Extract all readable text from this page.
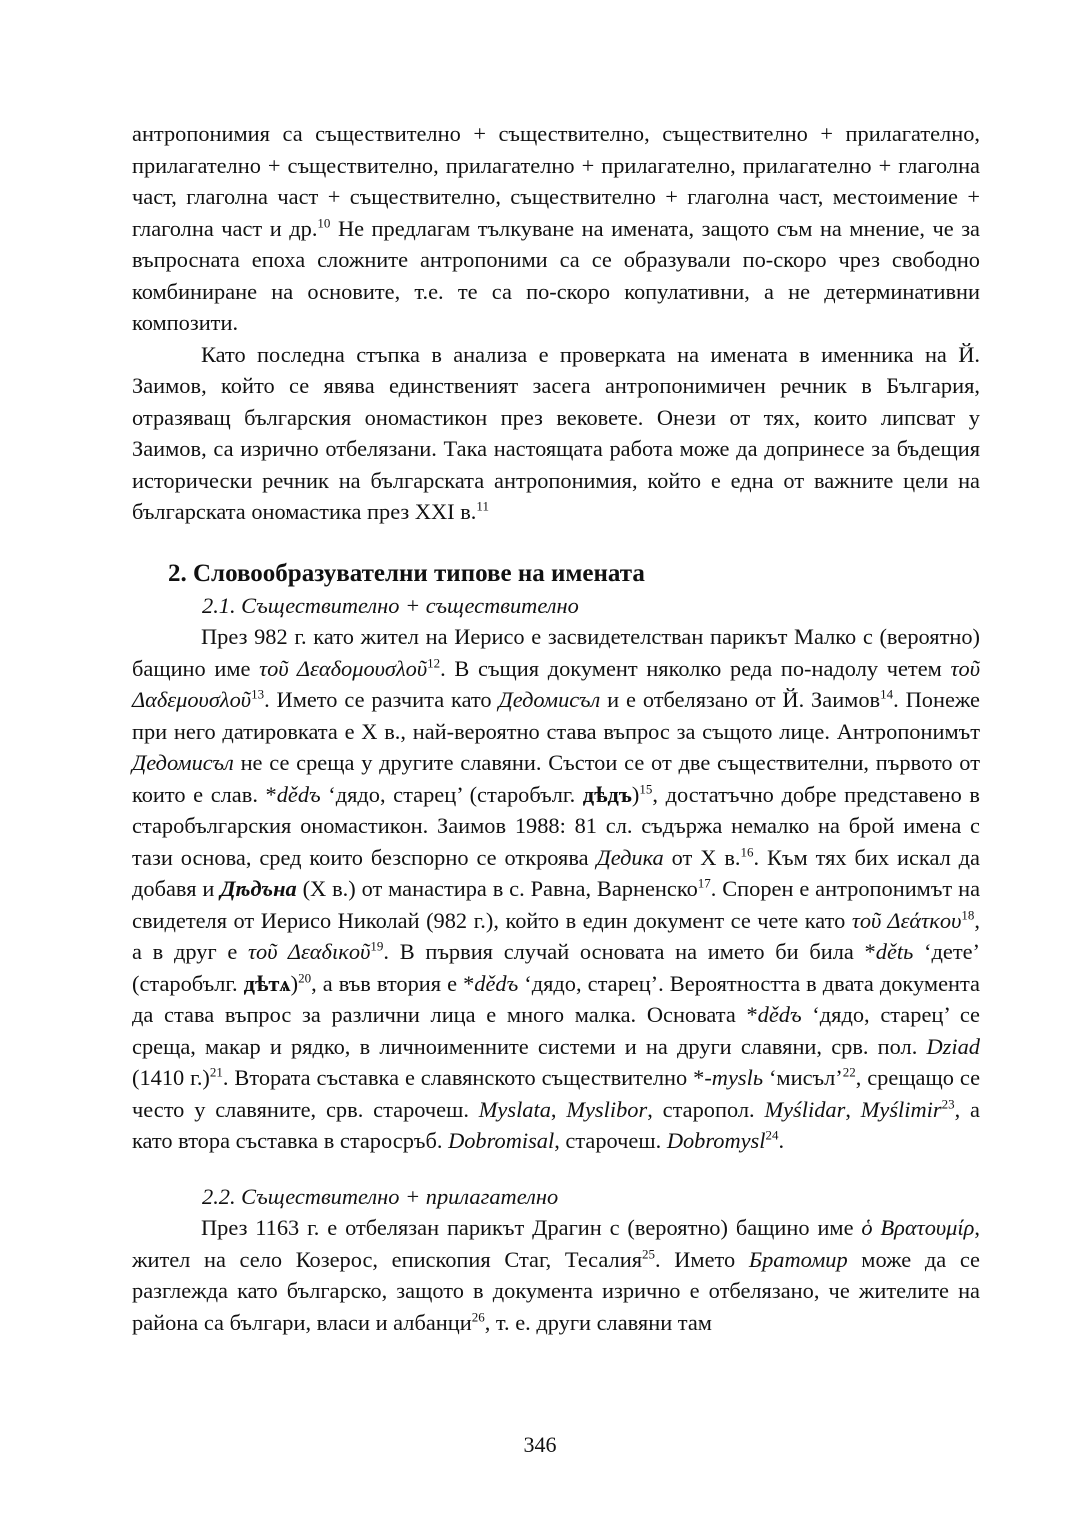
антропонимия са съществително + съществително, съществително + прилагателно, прилагателно + съществително, прилагателно + прилагателно, прилагателно + глаголна част, глаголна част + съществително, съществително + глаголна част, местоимение + глаголна част и др.$^{10}$ Не предлагам тълкуване на имената, защото съм на мнение, че за въпросната епоха сложните антропоними са се образували по-скоро чрез свободно комбиниране на основите, т.е. те са по-скоро копулативни, а не детерминативни композити.

Като последна стъпка в анализа е проверката на имената в именника на Й. Заимов, който се явява единственият засега антропонимичен речник в България, отразяващ българския ономастикон през вековете. Онези от тях, които липсват у Заимов, са изрично отбелязани. Така настоящата работа може да допринесе за бъдещия исторически речник на българската антропонимия, който е една от важните цели на българската ономастика през XXI в.$^{11}$

2. Словообразувателни типове на имената
2.1. Съществително + съществително

През 982 г. като жител на Иерисо е засвидетелстван парикът Малко с (вероятно) бащино име τοῦ Δεαδομουσλοῦ$^{12}$. В същия документ няколко реда по-надолу четем τοῦ Δαδεμουσλοῦ$^{13}$. Името се разчита като Дедомисъл и е отбелязано от Й. Заимов$^{14}$. Понеже при него датировката е X в., най-вероятно става въпрос за същото лице. Антропонимът Дедомисъл не се среща у другите славяни. Състои се от две съществителни, първото от които е слав. *dědъ ‘дядо, старец’ (старобълг. дѣдъ)$^{15}$, достатъчно добре представено в старобългарския ономастикон. Заимов 1988: 81 сл. съдържа немалко на брой имена с тази основа, сред които безспорно се откроява Дедика от X в.$^{16}$. Към тях бих искал да добавя и Дѣдъна (X в.) от манастира в с. Равна, Варненско$^{17}$. Спорен е антропонимът на свидетеля от Иерисо Николай (982 г.), който в един документ се чете като τοῦ Δεάτκου$^{18}$, а в друг е τοῦ Δεαδικοῦ$^{19}$. В първия случай основата на името би била *dětь ‘дете’ (старобълг. дѣтѧ)$^{20}$, а във втория е *dědъ ‘дядо, старец’. Вероятността в двата документа да става въпрос за различни лица е много малка. Основата *dědъ ‘дядо, старец’ се среща, макар и рядко, в личноименните системи и на други славяни, срв. пол. Dziad (1410 г.)$^{21}$. Втората съставка е славянското съществително *-myslь ‘мисъл’$^{22}$, срещащо се често у славяните, срв. старочеш. Myslata, Myslibor, старопол. Myślidar, Myślimir$^{23}$, а като втора съставка в старосръб. Dobromisal, старочеш. Dobromysl$^{24}$.

2.2. Съществително + прилагателно

През 1163 г. е отбелязан парикът Драгин с (вероятно) бащино име ὁ Βρατουμίρ, жител на село Козерос, епископия Стаг, Тесалия$^{25}$. Името Братомир може да се разглежда като българско, защото в документа изрично е отбелязано, че жителите на района са българи, власи и албанци$^{26}$, т. е. други славяни там

346
